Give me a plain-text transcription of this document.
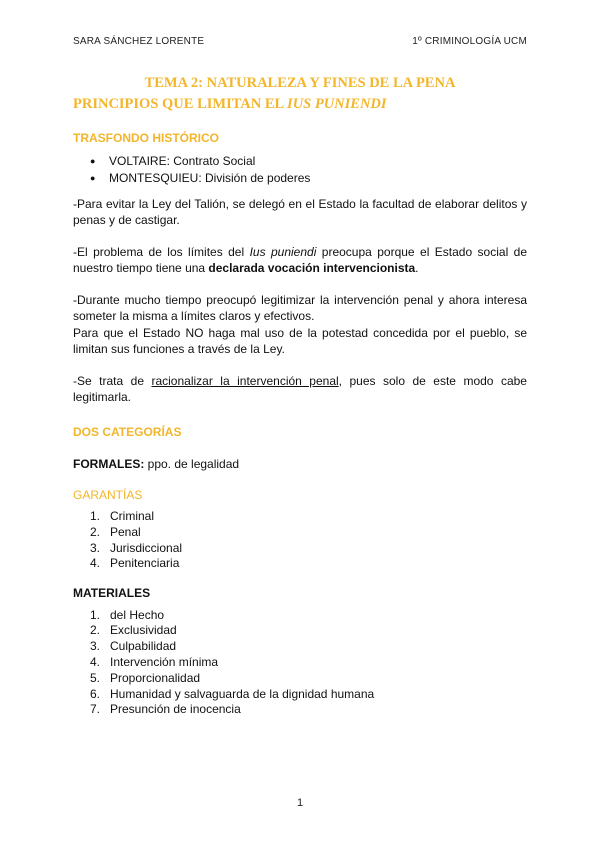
SARA SÁNCHEZ LORENTE	1º CRIMINOLOGÍA UCM
TEMA 2: NATURALEZA Y FINES DE LA PENA
PRINCIPIOS QUE LIMITAN EL IUS PUNIENDI
TRASFONDO HISTÓRICO
● VOLTAIRE: Contrato Social
● MONTESQUIEU: División de poderes

-Para evitar la Ley del Talión, se delegó en el Estado la facultad de elaborar delitos y penas y de castigar.

-El problema de los límites del Ius puniendi preocupa porque el Estado social de nuestro tiempo tiene una declarada vocación intervencionista.

-Durante mucho tiempo preocupó legitimizar la intervención penal y ahora interesa someter la misma a límites claros y efectivos.

Para que el Estado NO haga mal uso de la potestad concedida por el pueblo, se limitan sus funciones a través de la Ley.

-Se trata de racionalizar la intervención penal, pues solo de este modo cabe legitimarla.

DOS CATEGORÍAS
FORMALES: ppo. de legalidad
GARANTÍAS
1. Criminal
2. Penal
3. Jurisdiccional
4. Penitenciaria
MATERIALES
1. del Hecho
2. Exclusividad
3. Culpabilidad
4. Intervención mínima
5. Proporcionalidad
6. Humanidad y salvaguarda de la dignidad humana
7. Presunción de inocencia
1
